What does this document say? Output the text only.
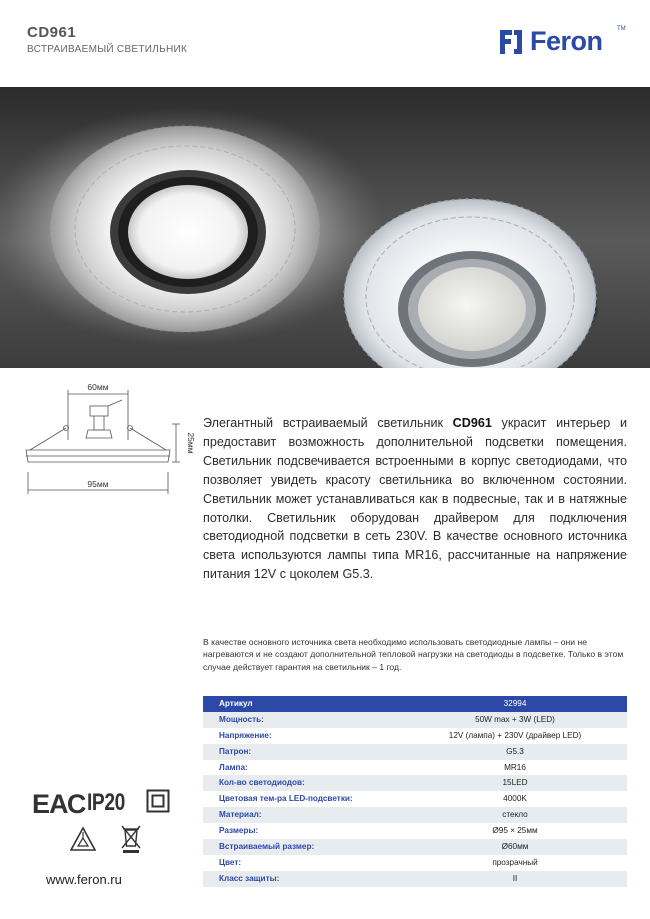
CD961
ВСТРАИВАЕМЫЙ СВЕТИЛЬНИК	Feron TM
60мм
95мм
25мм
Элегантный встраиваемый светильник CD961 украсит интерьер и предоставит возможность дополнительной подсветки помещения. Светильник подсвечивается встроенными в корпус светодиодами, что позволяет увидеть красоту светильника во включенном состоянии. Светильник может устанавливаться как в подвесные, так и в натяжные потолки. Светильник оборудован драйвером для подключения светодиодной подсветки в сеть 230V. В качестве основного источника света используются лампы типа MR16, рассчитанные на напряжение питания 12V с цоколем G5.3.
В качестве основного источника света необходимо использовать светодиодные лампы – они не нагреваются и не создают дополнительной тепловой нагрузки на светодиоды в подсветке. Только в этом случае действует гарантия на светильник – 1 год.
Артикул	32994
Мощность:	50W max + 3W (LED)
Напряжение:	12V (лампа) + 230V (драйвер LED)
Патрон:	G5.3
Лампа:	MR16
Кол-во светодиодов:	15LED
Цветовая тем-ра LED-подсветки:	4000K
Материал:	стекло
Размеры:	Ø95 × 25мм
Встраиваемый размер:	Ø60мм
Цвет:	прозрачный
Класс защиты:	II
ЕАС IP20
www.feron.ru
